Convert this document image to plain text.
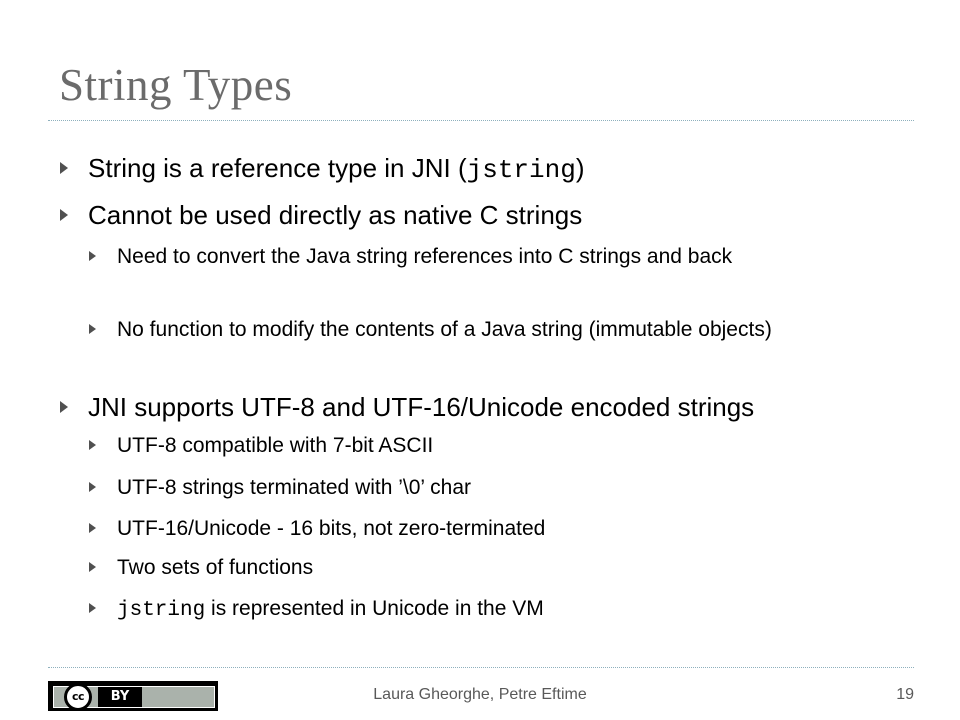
String Types
String is a reference type in JNI (jstring)
Cannot be used directly as native C strings
Need to convert the Java string references into C strings and back
No function to modify the contents of a Java string (immutable objects)
JNI supports UTF-8 and UTF-16/Unicode encoded strings
UTF-8 compatible with 7-bit ASCII
UTF-8 strings terminated with ’\0’ char
UTF-16/Unicode - 16 bits, not zero-terminated
Two sets of functions
jstring is represented in Unicode in the VM
cc	BY	Laura Gheorghe, Petre Eftime	19
